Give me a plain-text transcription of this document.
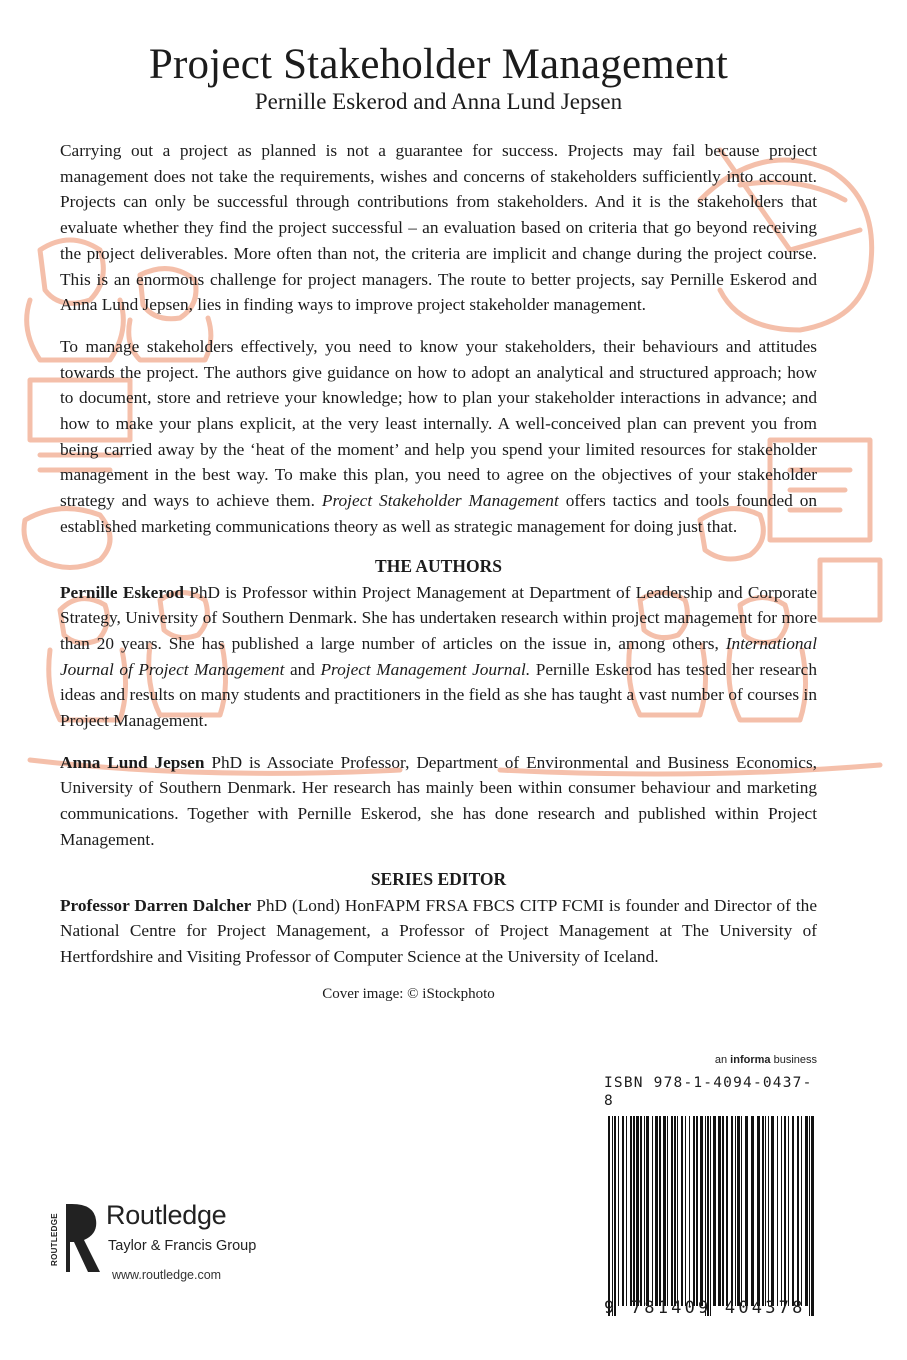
Project Stakeholder Management
Pernille Eskerod and Anna Lund Jepsen

Carrying out a project as planned is not a guarantee for success. Projects may fail because project management does not take the requirements, wishes and concerns of stakeholders sufficiently into account. Projects can only be successful through contributions from stakeholders. And it is the stakeholders that evaluate whether they find the project successful – an evaluation based on criteria that go beyond receiving the project deliverables. More often than not, the criteria are implicit and change during the project course. This is an enormous challenge for project managers. The route to better projects, say Pernille Eskerod and Anna Lund Jepsen, lies in finding ways to improve project stakeholder management.

To manage stakeholders effectively, you need to know your stakeholders, their behaviours and attitudes towards the project. The authors give guidance on how to adopt an analytical and structured approach; how to document, store and retrieve your knowledge; how to plan your stakeholder interactions in advance; and how to make your plans explicit, at the very least internally. A well-conceived plan can prevent you from being carried away by the ‘heat of the moment’ and help you spend your limited resources for stakeholder management in the best way. To make this plan, you need to agree on the objectives of your stakeholder strategy and ways to achieve them. Project Stakeholder Management offers tactics and tools founded on established marketing communications theory as well as strategic management for doing just that.

THE AUTHORS

Pernille Eskerod PhD is Professor within Project Management at Department of Leadership and Corporate Strategy, University of Southern Denmark. She has undertaken research within project management for more than 20 years. She has published a large number of articles on the issue in, among others, International Journal of Project Management and Project Management Journal. Pernille Eskerod has tested her research ideas and results on many students and practitioners in the field as she has taught a vast number of courses in Project Management.

Anna Lund Jepsen PhD is Associate Professor, Department of Environmental and Business Economics, University of Southern Denmark. Her research has mainly been within consumer behaviour and marketing communications. Together with Pernille Eskerod, she has done research and published within Project Management.

SERIES EDITOR

Professor Darren Dalcher PhD (Lond) HonFAPM FRSA FBCS CITP FCMI is founder and Director of the National Centre for Project Management, a Professor of Project Management at The University of Hertfordshire and Visiting Professor of Computer Science at the University of Iceland.

Cover image: © iStockphoto
an informa business
ISBN 978-1-4094-0437-8
9 781409 404378
ROUTLEDGE Routledge
Taylor & Francis Group
www.routledge.com
